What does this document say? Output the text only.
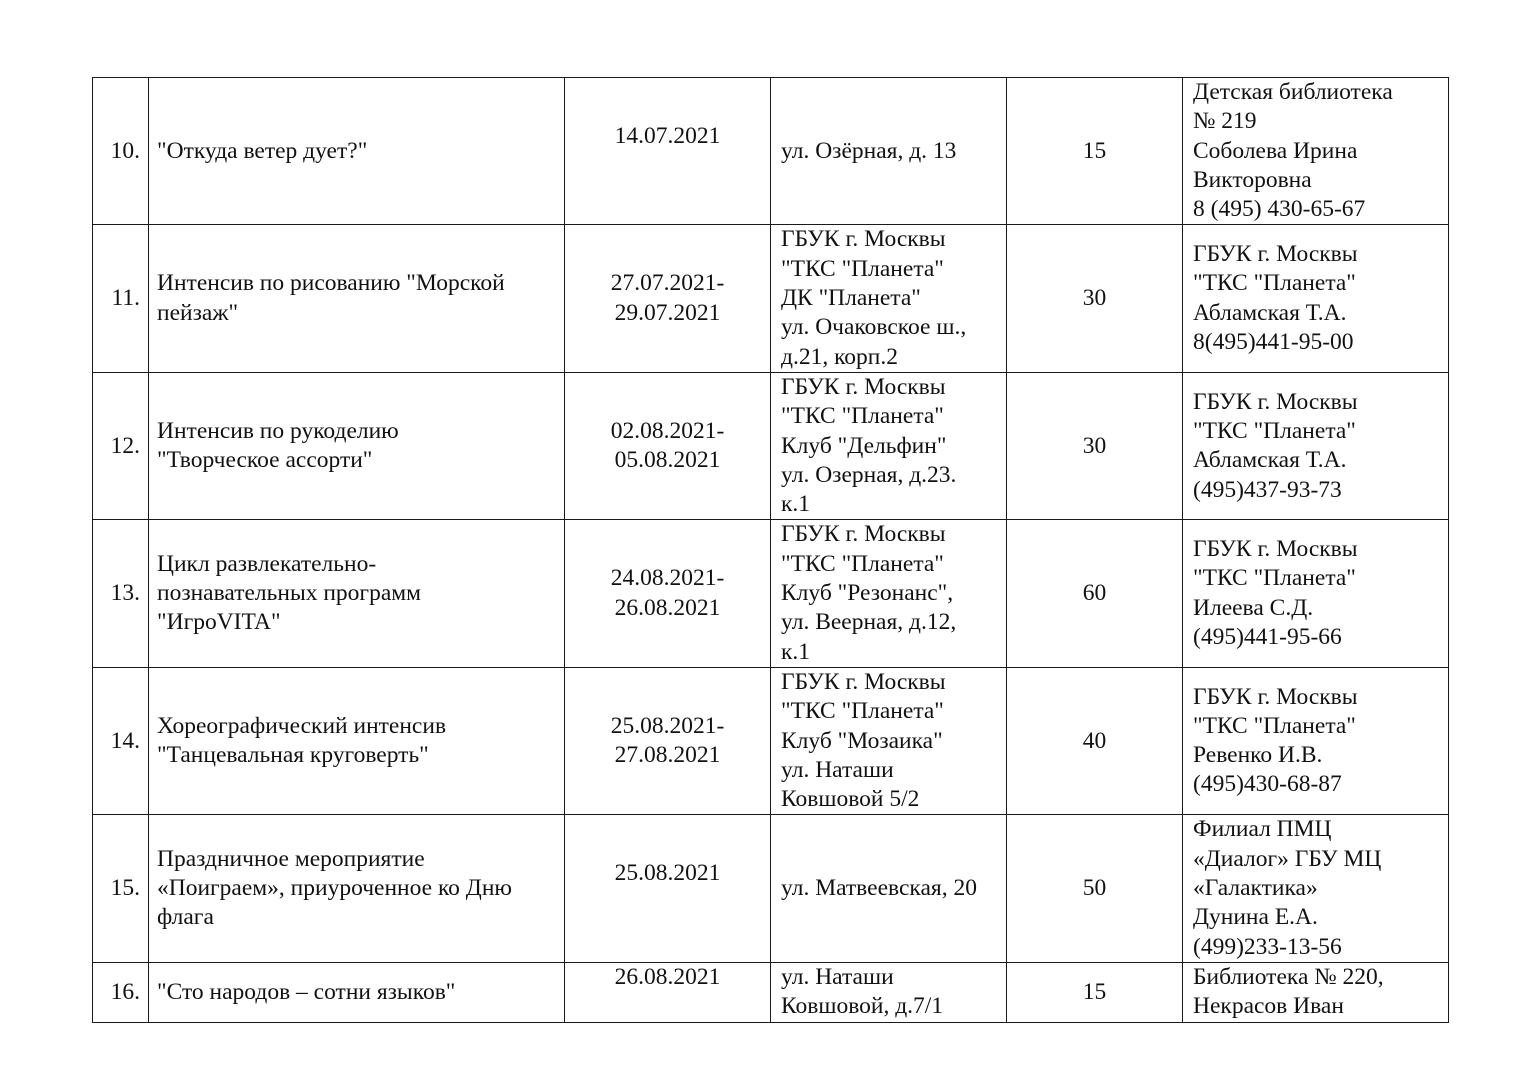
10.	"Откуда ветер дует?"	14.07.2021	ул. Озёрная, д. 13	15	Детская библиотека
№ 219
Соболева Ирина
Викторовна
8 (495) 430-65-67
11.	Интенсив по рисованию "Морской
пейзаж"	27.07.2021-
29.07.2021	ГБУК г. Москвы
"ТКС "Планета"
ДК "Планета"
ул. Очаковское ш.,
д.21, корп.2	30	ГБУК г. Москвы
"ТКС "Планета"
Абламская Т.А.
8(495)441-95-00
12.	Интенсив по рукоделию
"Творческое ассорти"	02.08.2021-
05.08.2021	ГБУК г. Москвы
"ТКС "Планета"
Клуб "Дельфин"
ул. Озерная, д.23.
к.1	30	ГБУК г. Москвы
"ТКС "Планета"
Абламская Т.А.
(495)437-93-73
13.	Цикл развлекательно-
познавательных программ
"ИгроVITA"	24.08.2021-
26.08.2021	ГБУК г. Москвы
"ТКС "Планета"
Клуб "Резонанс",
ул. Веерная, д.12,
к.1	60	ГБУК г. Москвы
"ТКС "Планета"
Илеева С.Д.
(495)441-95-66
14.	Хореографический интенсив
"Танцевальная круговерть"	25.08.2021-
27.08.2021	ГБУК г. Москвы
"ТКС "Планета"
Клуб "Мозаика"
ул. Наташи
Ковшовой 5/2	40	ГБУК г. Москвы
"ТКС "Планета"
Ревенко И.В.
(495)430-68-87
15.	Праздничное мероприятие
«Поиграем», приуроченное ко Дню
флага	25.08.2021	ул. Матвеевская, 20	50	Филиал ПМЦ
«Диалог» ГБУ МЦ
«Галактика»
Дунина Е.А.
(499)233-13-56
16.	"Сто народов – сотни языков"	26.08.2021	ул. Наташи
Ковшовой, д.7/1	15	Библиотека № 220,
Некрасов Иван
